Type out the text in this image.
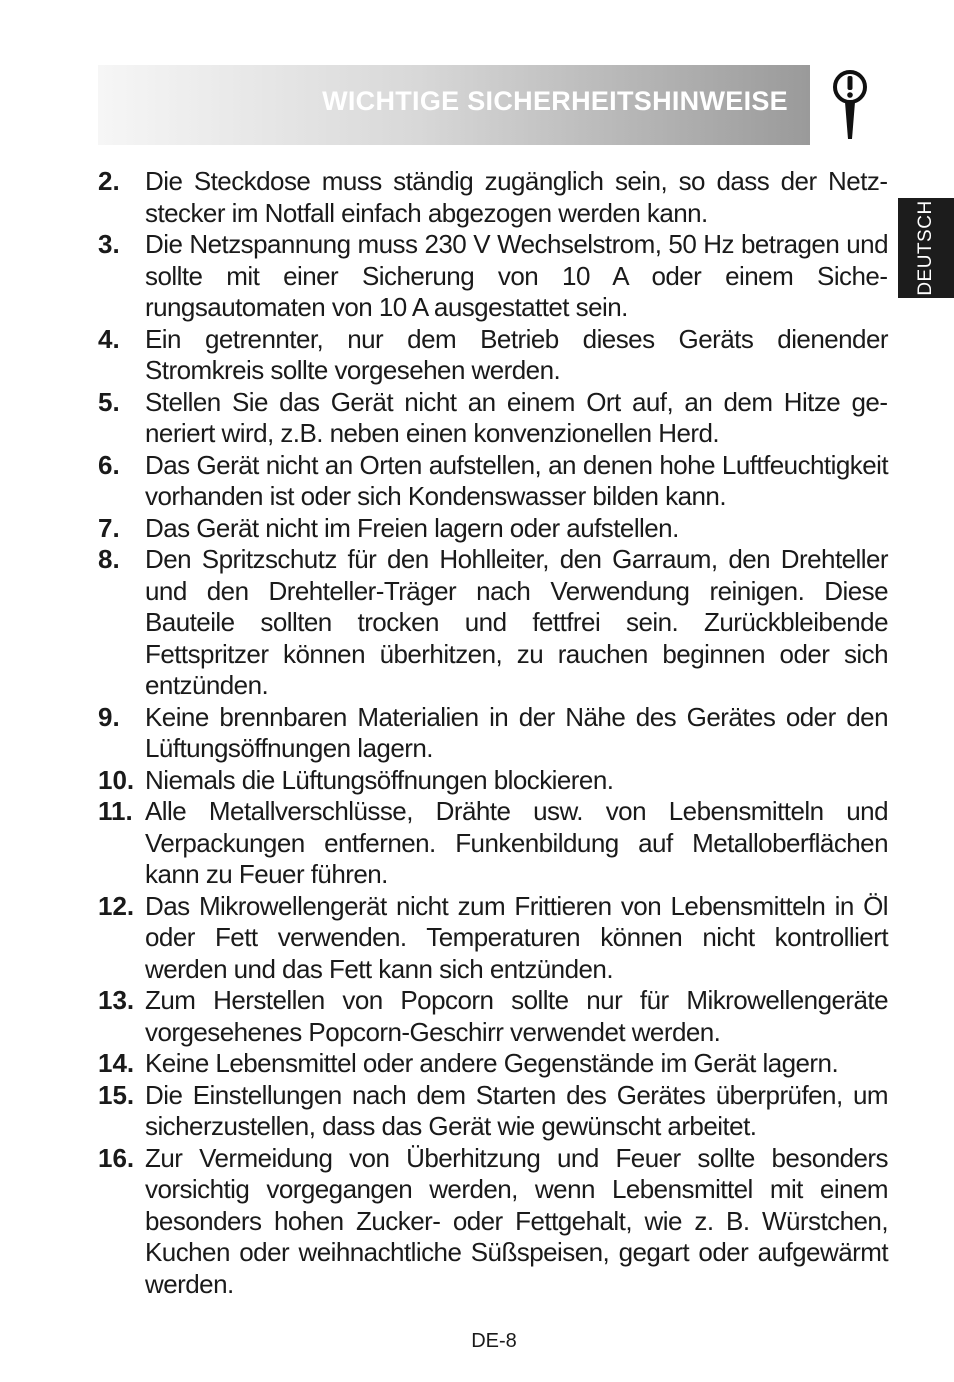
WICHTIGE SICHERHEITSHINWEISE
DEUTSCH
2. Die Steckdose muss ständig zugänglich sein, so dass der Netzstecker im Notfall einfach abgezogen werden kann.
3. Die Netzspannung muss 230 V Wechselstrom, 50 Hz betragen und sollte mit einer Sicherung von 10 A oder einem Sicherungsautomaten von 10 A ausgestattet sein.
4. Ein getrennter, nur dem Betrieb dieses Geräts dienender Stromkreis sollte vorgesehen werden.
5. Stellen Sie das Gerät nicht an einem Ort auf, an dem Hitze generiert wird, z.B. neben einen konvenzionellen Herd.
6. Das Gerät nicht an Orten aufstellen, an denen hohe Luftfeuchtigkeit vorhanden ist oder sich Kondenswasser bilden kann.
7. Das Gerät nicht im Freien lagern oder aufstellen.
8. Den Spritzschutz für den Hohlleiter, den Garraum, den Drehteller und den Drehteller-Träger nach Verwendung reinigen. Diese Bauteile sollten trocken und fettfrei sein. Zurückbleibende Fettspritzer können überhitzen, zu rauchen beginnen oder sich entzünden.
9. Keine brennbaren Materialien in der Nähe des Gerätes oder den Lüftungsöffnungen lagern.
10. Niemals die Lüftungsöffnungen blockieren.
11. Alle Metallverschlüsse, Drähte usw. von Lebensmitteln und Verpackungen entfernen. Funkenbildung auf Metalloberflächen kann zu Feuer führen.
12. Das Mikrowellengerät nicht zum Frittieren von Lebensmitteln in Öl oder Fett verwenden. Temperaturen können nicht kontrolliert werden und das Fett kann sich entzünden.
13. Zum Herstellen von Popcorn sollte nur für Mikrowellengeräte vorgesehenes Popcorn-Geschirr verwendet werden.
14. Keine Lebensmittel oder andere Gegenstände im Gerät lagern.
15. Die Einstellungen nach dem Starten des Gerätes überprüfen, um sicherzustellen, dass das Gerät wie gewünscht arbeitet.
16. Zur Vermeidung von Überhitzung und Feuer sollte besonders vorsichtig vorgegangen werden, wenn Lebensmittel mit einem besonders hohen Zucker- oder Fettgehalt, wie z. B. Würstchen, Kuchen oder weihnachtliche Süßspeisen, gegart oder aufgewärmt werden.
DE-8
